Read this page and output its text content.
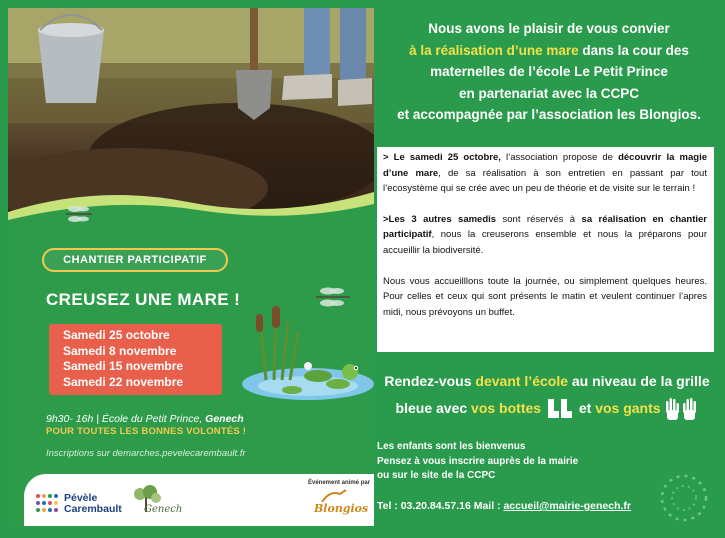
CHANTIER PARTICIPATIF
CREUSEZ UNE MARE !
Samedi 25 octobre
Samedi 8 novembre
Samedi 15 novembre
Samedi 22 novembre
9h30- 16h | École du Petit Prince, Genech
POUR TOUTES LES BONNES VOLONTÉS !
Inscriptions sur demarches.pevelecarembault.fr
Pévèle
Carembault Genech
Événement animé par
Blongios
Nous avons le plaisir de vous convier
à la réalisation d’une mare dans la cour des
maternelles de l’école Le Petit Prince
en partenariat avec la CCPC
et accompagnée par l’association les Blongios.

> Le samedi 25 octobre, l’association propose de découvrir la magie d’une mare, de sa réalisation à son entretien en passant par tout l’ecosystème qui se crée avec un peu de théorie et de visite sur le terrain !

>Les 3 autres samedis sont réservés à sa réalisation en chantier participatif, nous la creuserons ensemble et nous la préparons pour accueillir la biodiversité.

Nous vous accueilllons toute la journée, ou simplement quelques heures. Pour celles et ceux qui sont présents le matin et veulent continuer l’apres midi, nous prévoyons un buffet.

Rendez-vous devant l’école au niveau de la grille
bleue avec vos bottes	et vos gants
Les enfants sont les bienvenus
Pensez à vous inscrire auprès de la mairie
ou sur le site de la CCPC
Tel : 03.20.84.57.16 Mail : accueil@mairie-genech.fr
